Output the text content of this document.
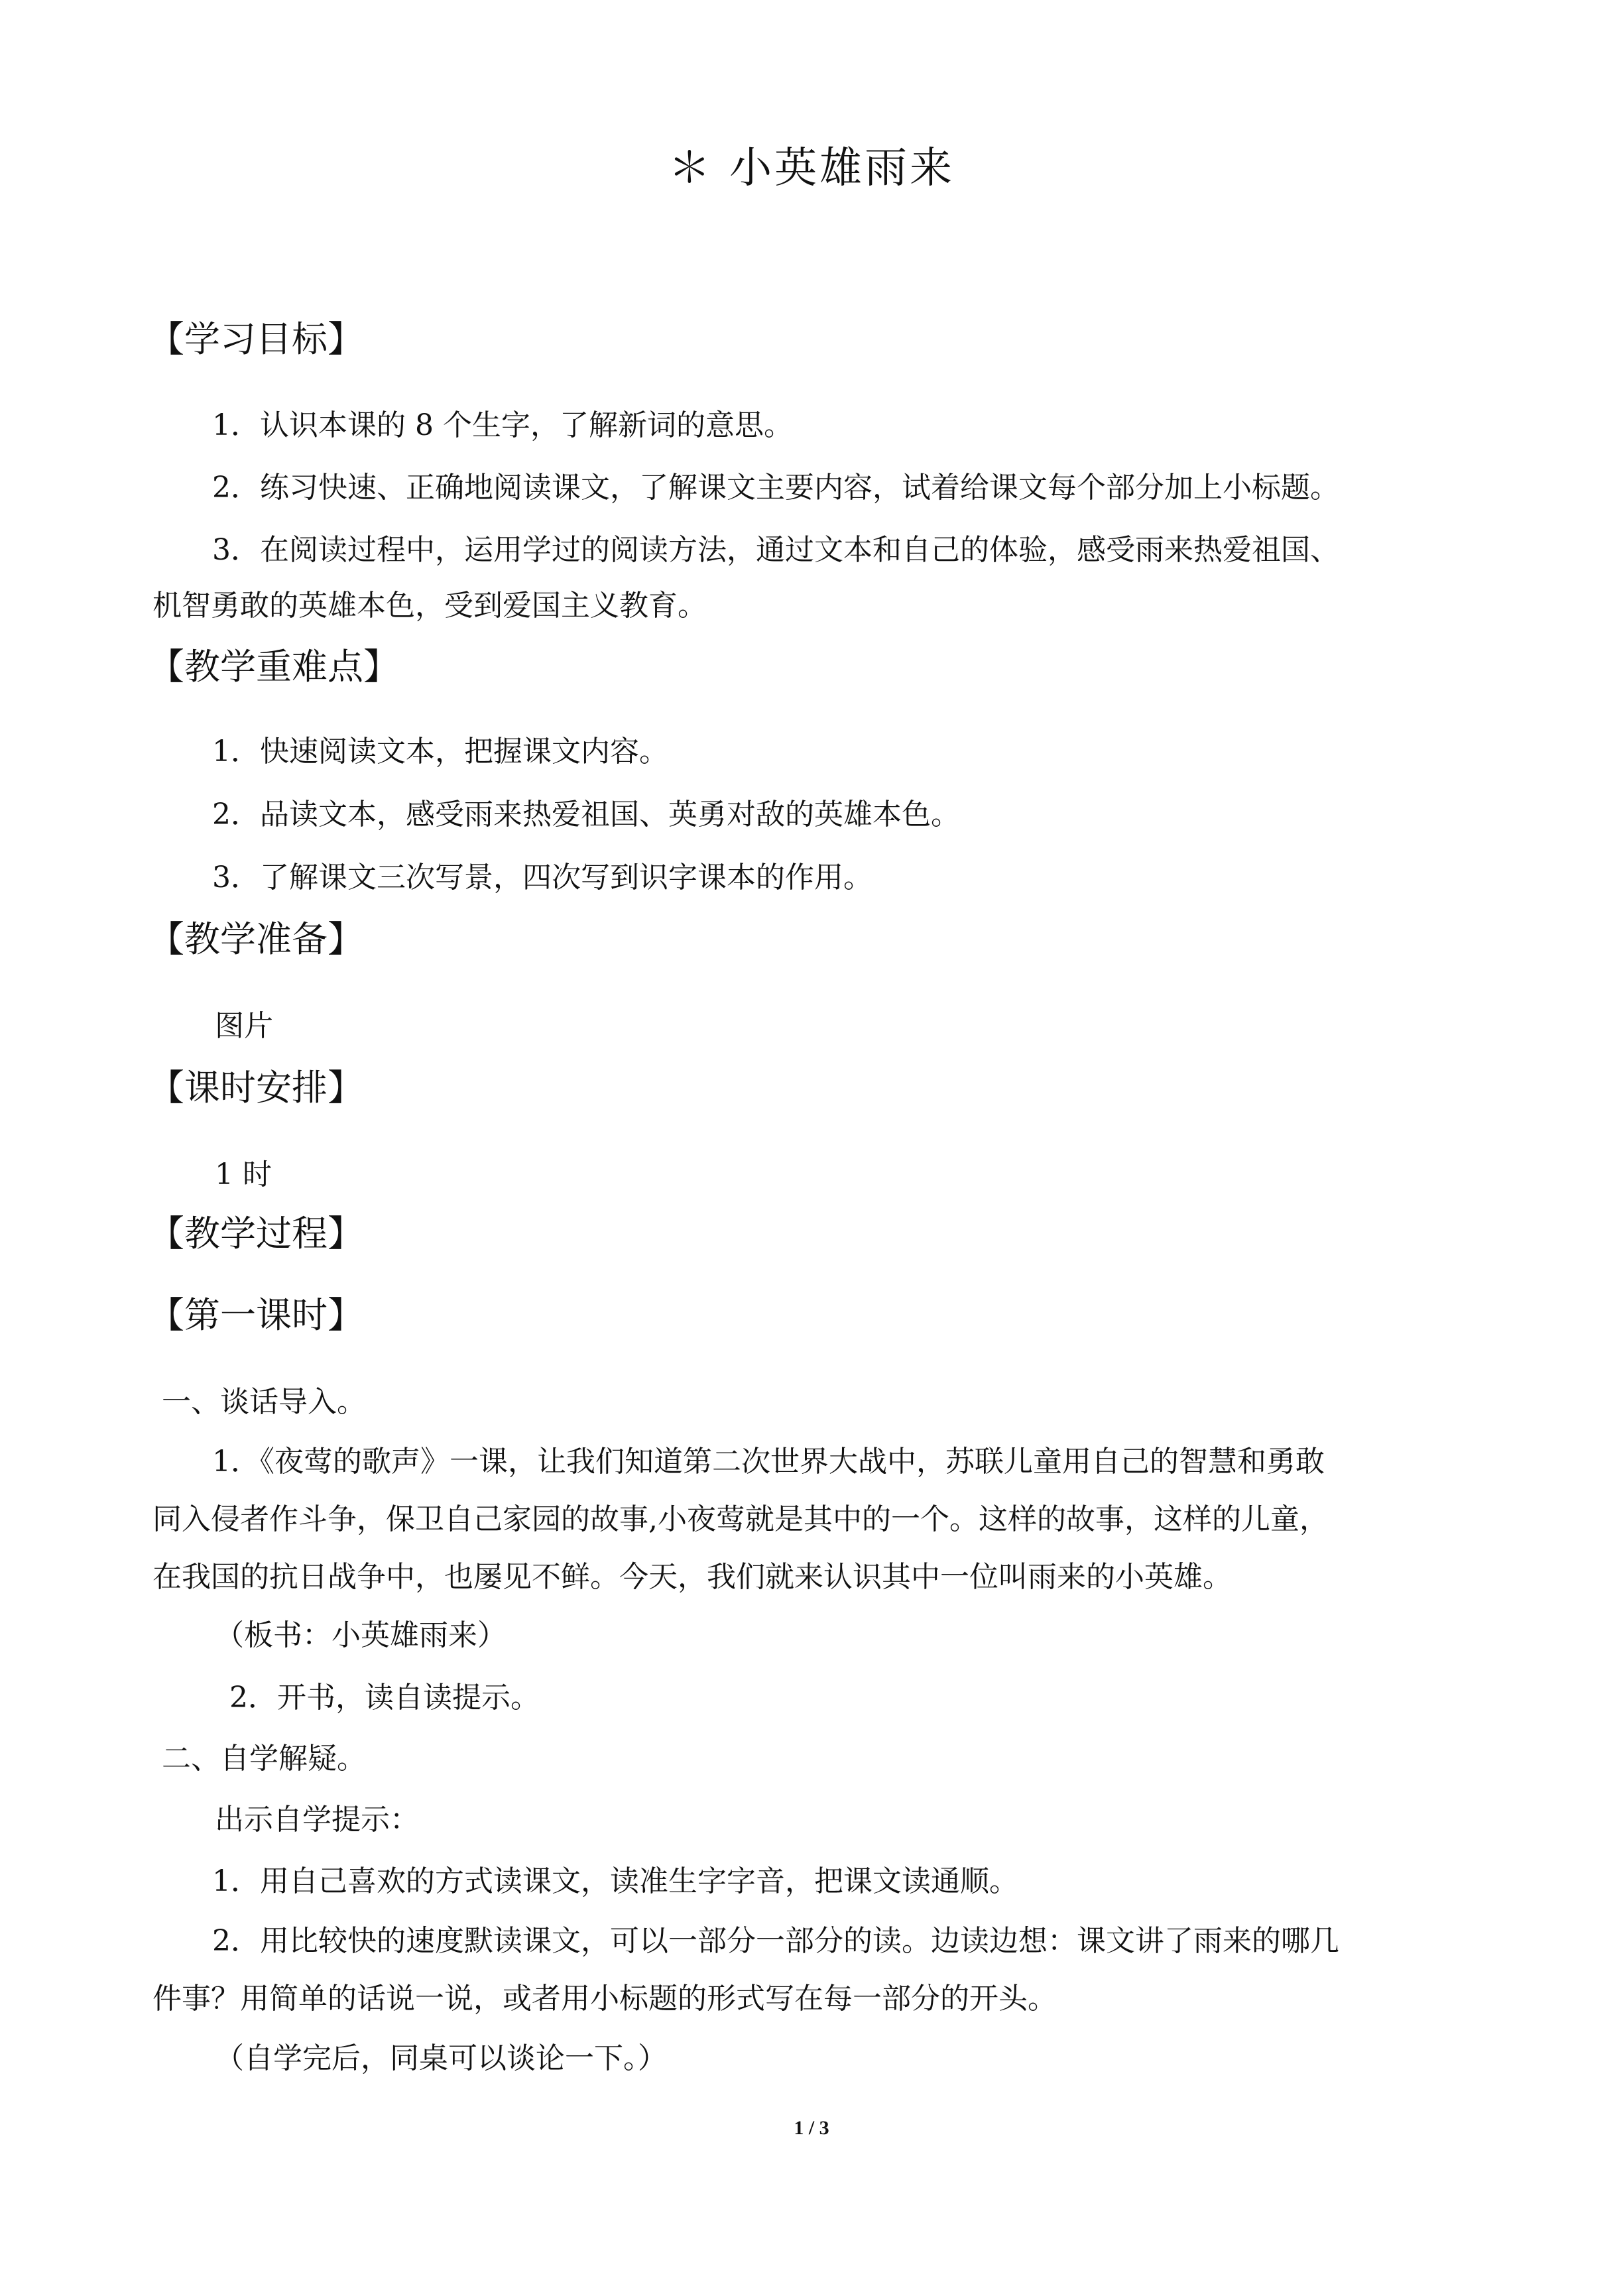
＊ 小英雄雨来
【学习目标】
1．认识本课的 8 个生字，了解新词的意思。
2．练习快速、正确地阅读课文，了解课文主要内容，试着给课文每个部分加上小标题。
3．在阅读过程中，运用学过的阅读方法，通过文本和自己的体验，感受雨来热爱祖国、
机智勇敢的英雄本色，受到爱国主义教育。
【教学重难点】
1．快速阅读文本，把握课文内容。
2．品读文本，感受雨来热爱祖国、英勇对敌的英雄本色。
3．了解课文三次写景，四次写到识字课本的作用。
【教学准备】
图片
【课时安排】
1 时
【教学过程】
【第一课时】
一、谈话导入。
1．《夜莺的歌声》一课，让我们知道第二次世界大战中，苏联儿童用自己的智慧和勇敢
同入侵者作斗争，保卫自己家园的故事,小夜莺就是其中的一个。这样的故事，这样的儿童，
在我国的抗日战争中，也屡见不鲜。今天，我们就来认识其中一位叫雨来的小英雄。
（板书：小英雄雨来）
2．开书，读自读提示。
二、自学解疑。
出示自学提示：
1．用自己喜欢的方式读课文，读准生字字音，把课文读通顺。
2．用比较快的速度默读课文，可以一部分一部分的读。边读边想：课文讲了雨来的哪几
件事？用简单的话说一说，或者用小标题的形式写在每一部分的开头。
（自学完后，同桌可以谈论一下。）
1 / 3
